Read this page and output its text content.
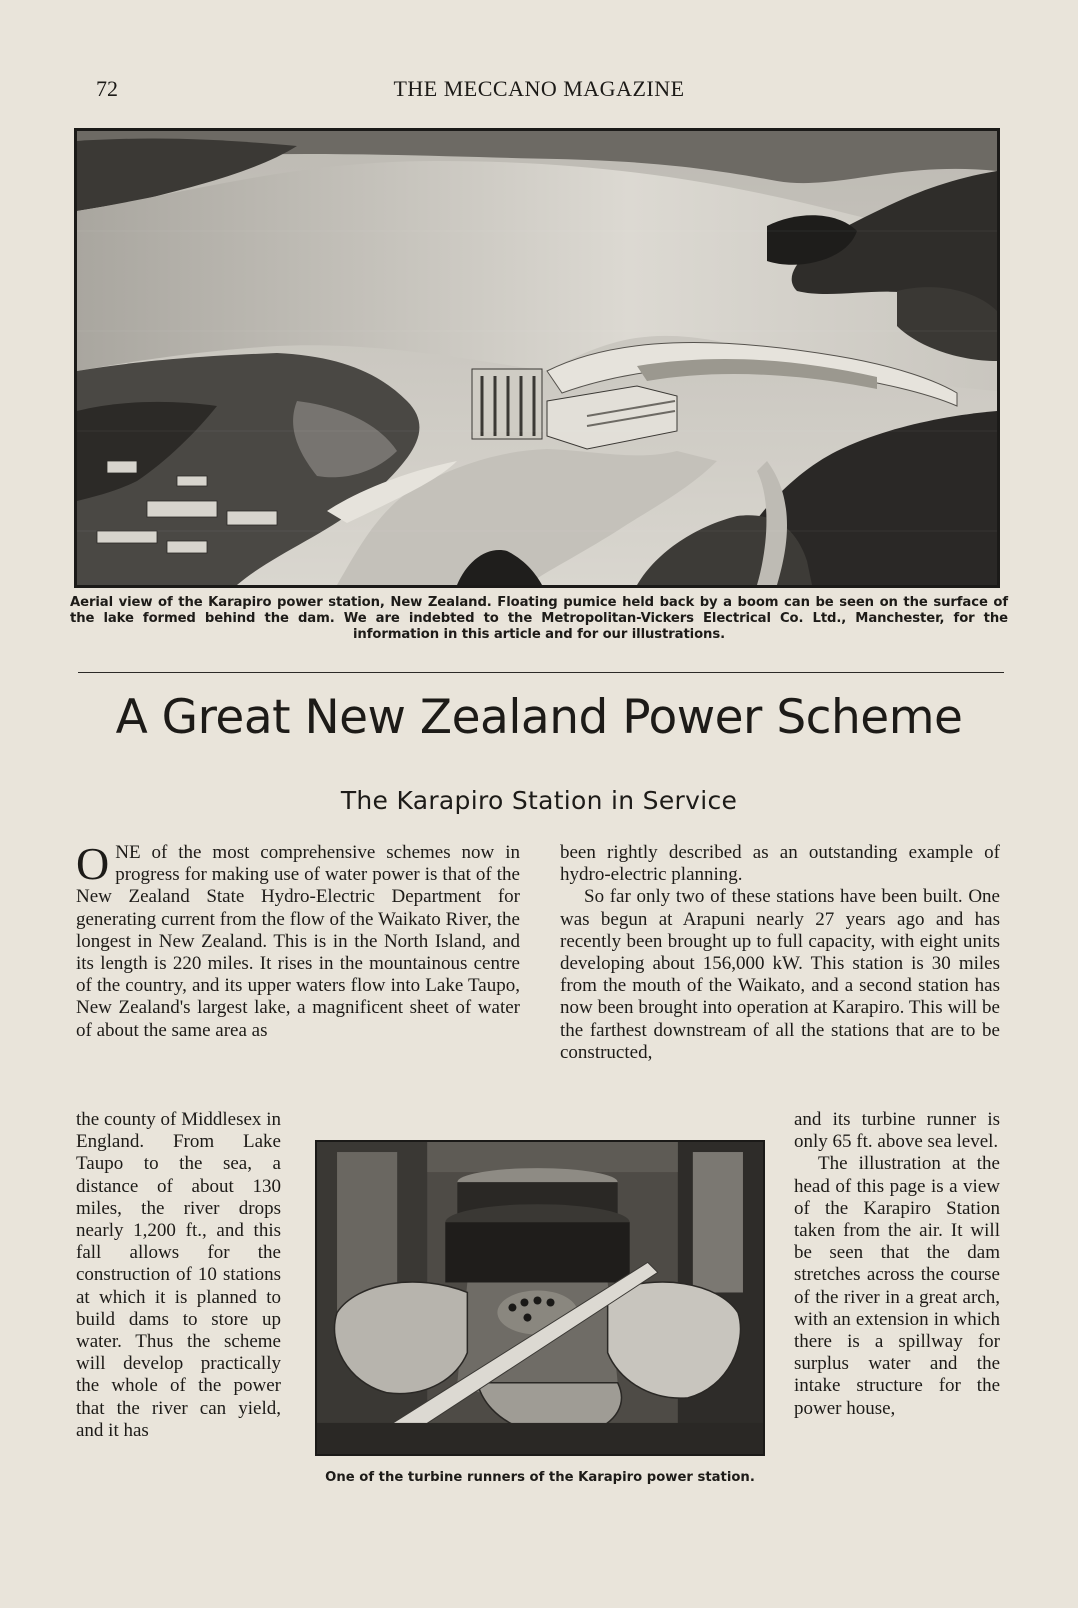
72	THE MECCANO MAGAZINE
Aerial view of the Karapiro power station, New Zealand. Floating pumice held back by a boom can be seen on the surface of the lake formed behind the dam. We are indebted to the Metropolitan-Vickers Electrical Co. Ltd., Manchester, for the information in this article and for our illustrations.
A Great New Zealand Power Scheme
The Karapiro Station in Service

ONE of the most comprehensive schemes now in progress for making use of water power is that of the New Zealand State Hydro-Electric Department for generating current from the flow of the Waikato River, the longest in New Zealand. This is in the North Island, and its length is 220 miles. It rises in the mountainous centre of the country, and its upper waters flow into Lake Taupo, New Zealand's largest lake, a magnificent sheet of water of about the same area as

the county of Middlesex in England. From Lake Taupo to the sea, a distance of about 130 miles, the river drops nearly 1,200 ft., and this fall allows for the construction of 10 stations at which it is planned to build dams to store up water. Thus the scheme will develop practically the whole of the power that the river can yield, and it has

been rightly described as an outstanding example of hydro-electric planning.
So far only two of these stations have been built. One was begun at Arapuni nearly 27 years ago and has recently been brought up to full capacity, with eight units developing about 156,000 kW. This station is 30 miles from the mouth of the Waikato, and a second station has now been brought into operation at Karapiro. This will be the farthest downstream of all the stations that are to be constructed,

and its turbine runner is only 65 ft. above sea level.
The illustration at the head of this page is a view of the Karapiro Station taken from the air. It will be seen that the dam stretches across the course of the river in a great arch, with an extension in which there is a spillway for surplus water and the intake structure for the power house,

One of the turbine runners of the Karapiro power station.
